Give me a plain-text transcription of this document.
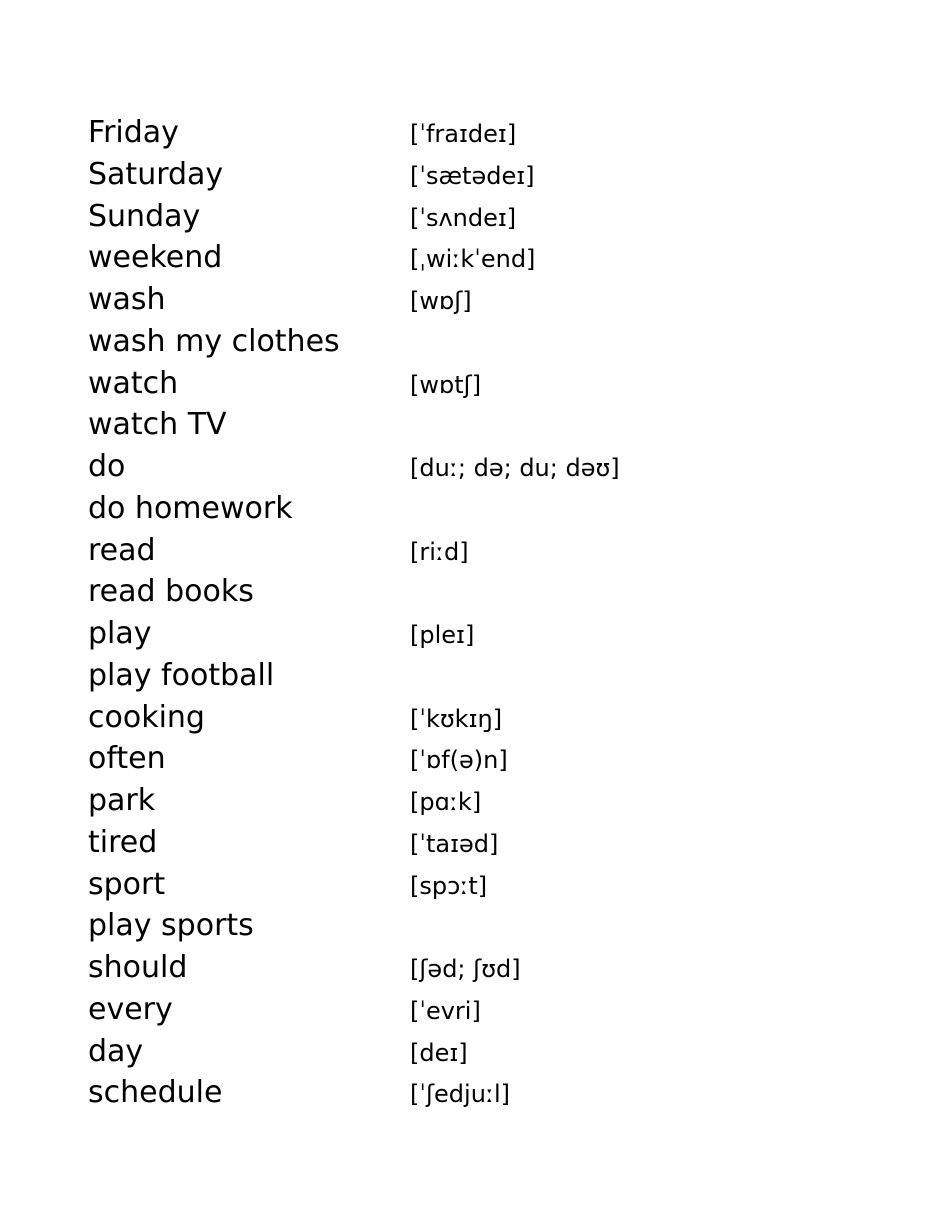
Friday	[ˈfraɪdeɪ]
Saturday	[ˈsætədeɪ]
Sunday	[ˈsʌndeɪ]
weekend	[ˌwiːkˈend]
wash	[wɒʃ]
wash my clothes
watch	[wɒtʃ]
watch TV
do	[duː; də; du; dəʊ]
do homework
read	[riːd]
read books
play	[pleɪ]
play football
cooking	[ˈkʊkɪŋ]
often	[ˈɒf(ə)n]
park	[pɑːk]
tired	[ˈtaɪəd]
sport	[spɔːt]
play sports
should	[ʃəd; ʃʊd]
every	[ˈevri]
day	[deɪ]
schedule	[ˈʃedjuːl]
